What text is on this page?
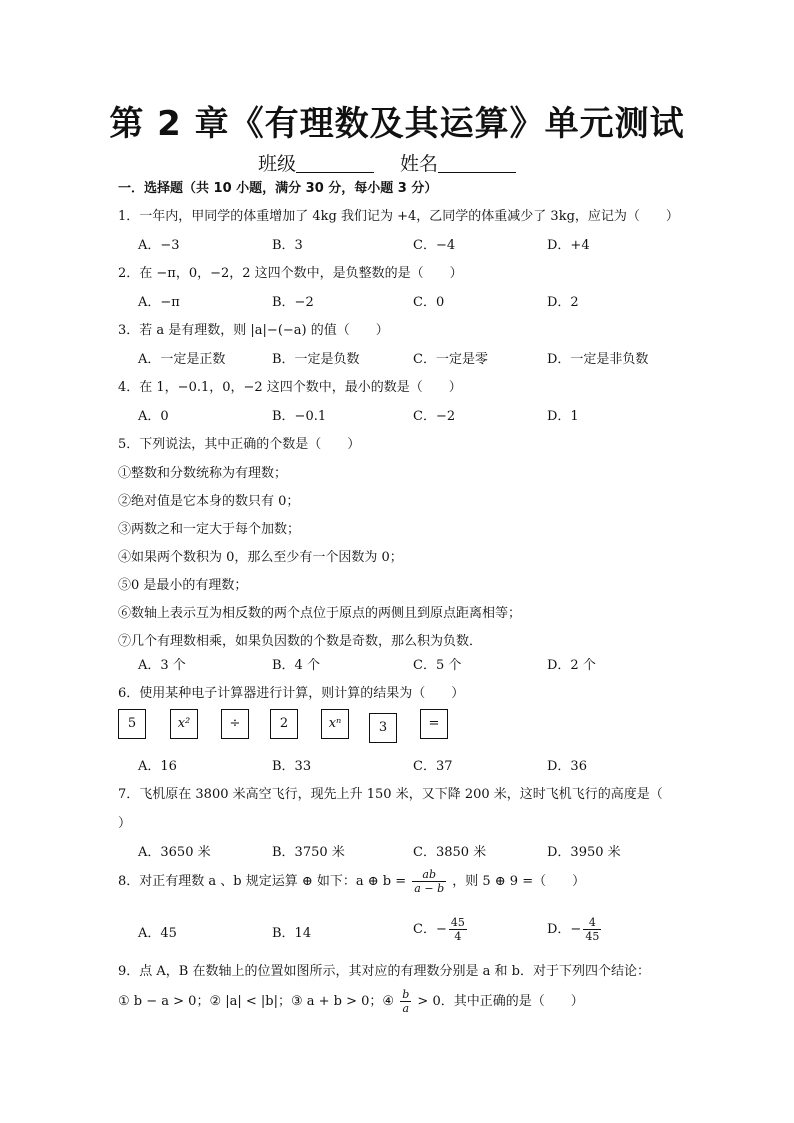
第 2 章《有理数及其运算》单元测试
班级	姓名
一．选择题（共 10 小题，满分 30 分，每小题 3 分）
1．一年内，甲同学的体重增加了 4kg 我们记为 +4，乙同学的体重减少了 3kg，应记为（　　）
A．−3	B．3	C．−4	D．+4
2．在 −π，0，−2，2 这四个数中，是负整数的是（　　）
A．−π	B．−2	C．0	D．2
3．若 a 是有理数，则 |a|−(−a) 的值（　　）
A．一定是正数	B．一定是负数	C．一定是零	D．一定是非负数
4．在 1，−0.1，0，−2 这四个数中，最小的数是（　　）
A．0	B．−0.1	C．−2	D．1
5．下列说法，其中正确的个数是（　　）
①整数和分数统称为有理数；
②绝对值是它本身的数只有 0；
③两数之和一定大于每个加数；
④如果两个数积为 0，那么至少有一个因数为 0；
⑤0 是最小的有理数；
⑥数轴上表示互为相反数的两个点位于原点的两侧且到原点距离相等；
⑦几个有理数相乘，如果负因数的个数是奇数，那么积为负数．
A．3 个	B．4 个	C．5 个	D．2 个
6．使用某种电子计算器进行计算，则计算的结果为（　　）
5	x²	÷	2	xⁿ	3	=
A．16	B．33	C．37	D．36
7．飞机原在 3800 米高空飞行，现先上升 150 米，又下降 200 米，这时飞机飞行的高度是（
）
A．3650 米	B．3750 米	C．3850 米	D．3950 米
8．对正有理数 a 、b 规定运算 ⊕ 如下：a ⊕ $b = \frac{ab}{a - b}$ ，则 5 ⊕ 9 =（　　）
A．45	B．14	C．− $\frac{45}{4}$	D．− $\frac{4}{45}$
9．点 A，B 在数轴上的位置如图所示，其对应的有理数分别是 a 和 b．对于下列四个结论：
① b − a > 0；② |a| < |b|；③ a + b > 0；④ $\frac{b}{a} > 0$．其中正确的是（　　）
